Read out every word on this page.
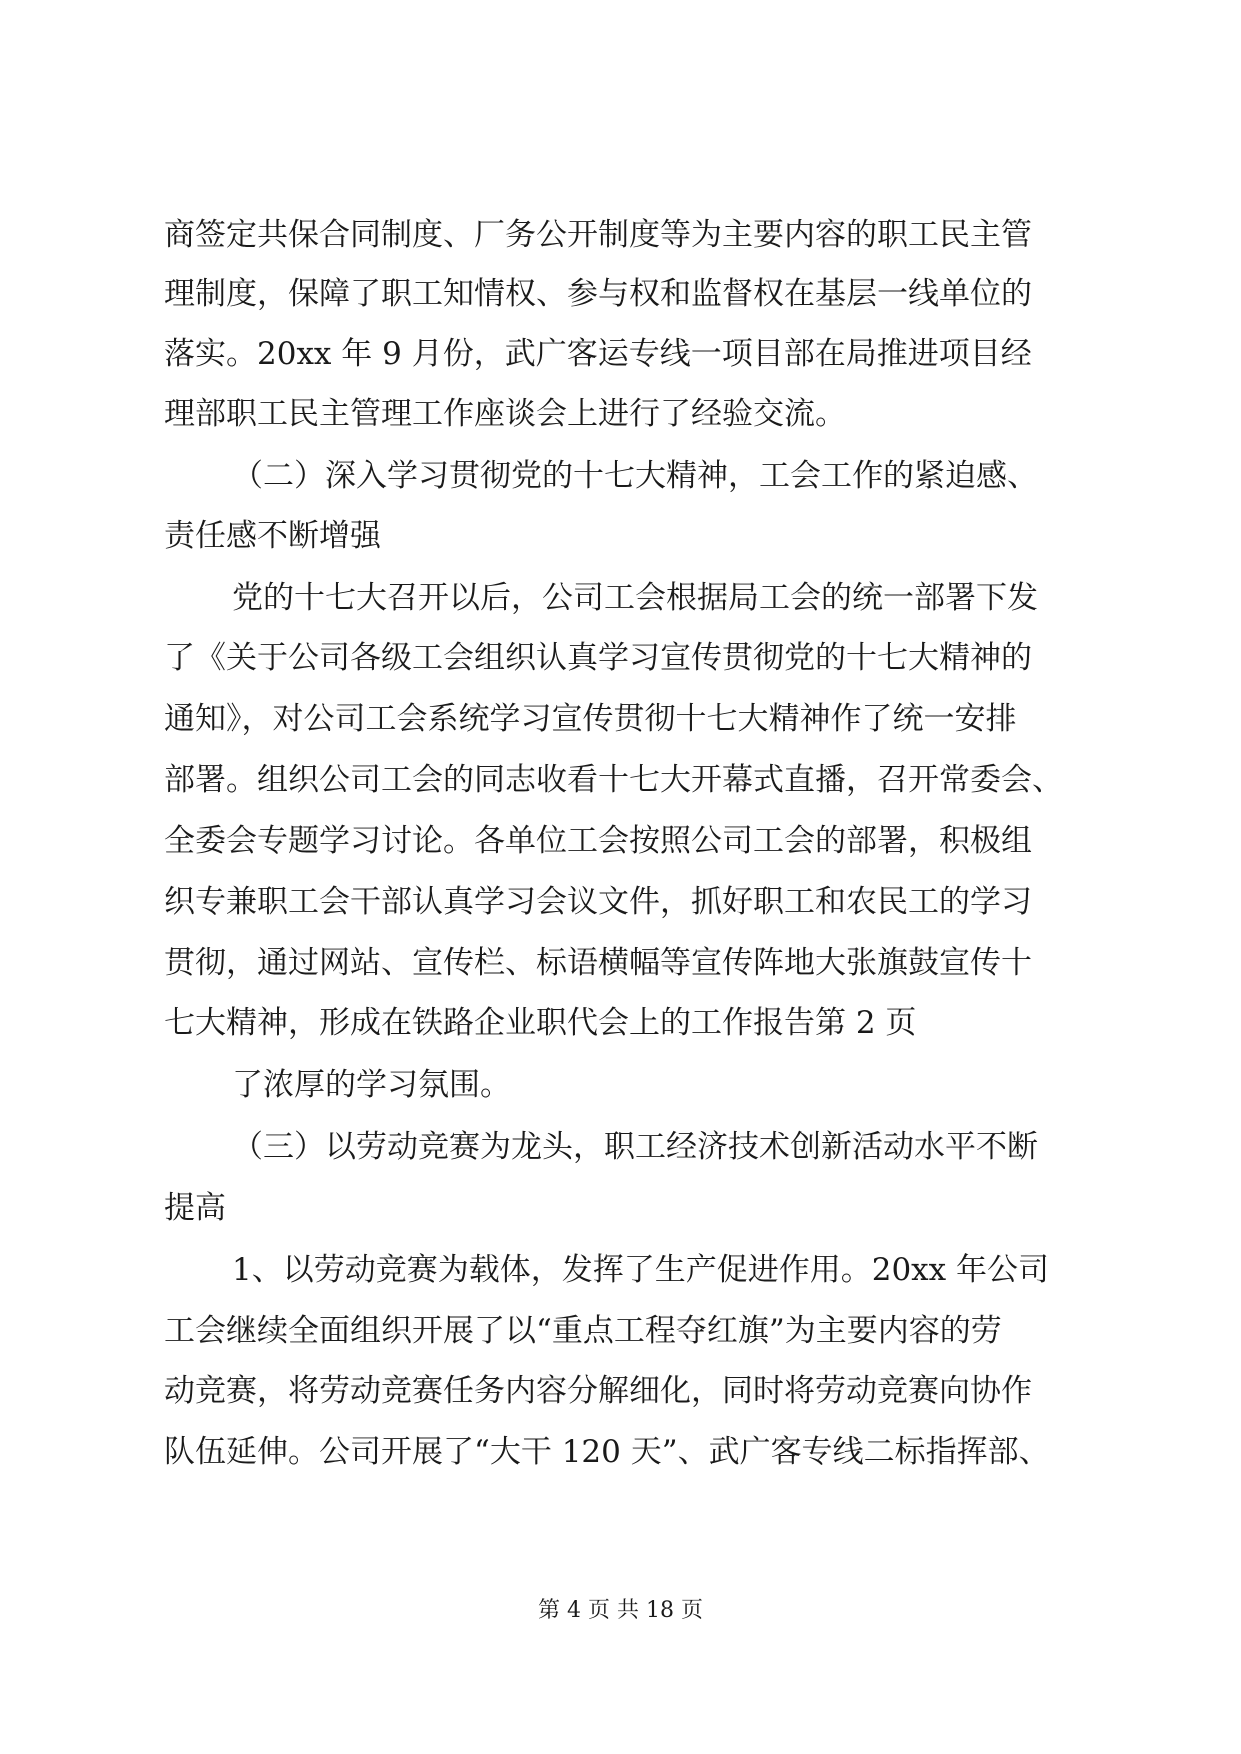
商签定共保合同制度、厂务公开制度等为主要内容的职工民主管
理制度，保障了职工知情权、参与权和监督权在基层一线单位的
落实。20xx 年 9 月份，武广客运专线一项目部在局推进项目经
理部职工民主管理工作座谈会上进行了经验交流。
（二）深入学习贯彻党的十七大精神，工会工作的紧迫感、
责任感不断增强
党的十七大召开以后，公司工会根据局工会的统一部署下发
了《关于公司各级工会组织认真学习宣传贯彻党的十七大精神的
通知》，对公司工会系统学习宣传贯彻十七大精神作了统一安排
部署。组织公司工会的同志收看十七大开幕式直播，召开常委会、
全委会专题学习讨论。各单位工会按照公司工会的部署，积极组
织专兼职工会干部认真学习会议文件，抓好职工和农民工的学习
贯彻，通过网站、宣传栏、标语横幅等宣传阵地大张旗鼓宣传十
七大精神，形成在铁路企业职代会上的工作报告第 2 页
了浓厚的学习氛围。
（三）以劳动竞赛为龙头，职工经济技术创新活动水平不断
提高
1、以劳动竞赛为载体，发挥了生产促进作用。20xx 年公司
工会继续全面组织开展了以“重点工程夺红旗”为主要内容的劳
动竞赛，将劳动竞赛任务内容分解细化，同时将劳动竞赛向协作
队伍延伸。公司开展了“大干 120 天”、武广客专线二标指挥部、
第 4 页 共 18 页
